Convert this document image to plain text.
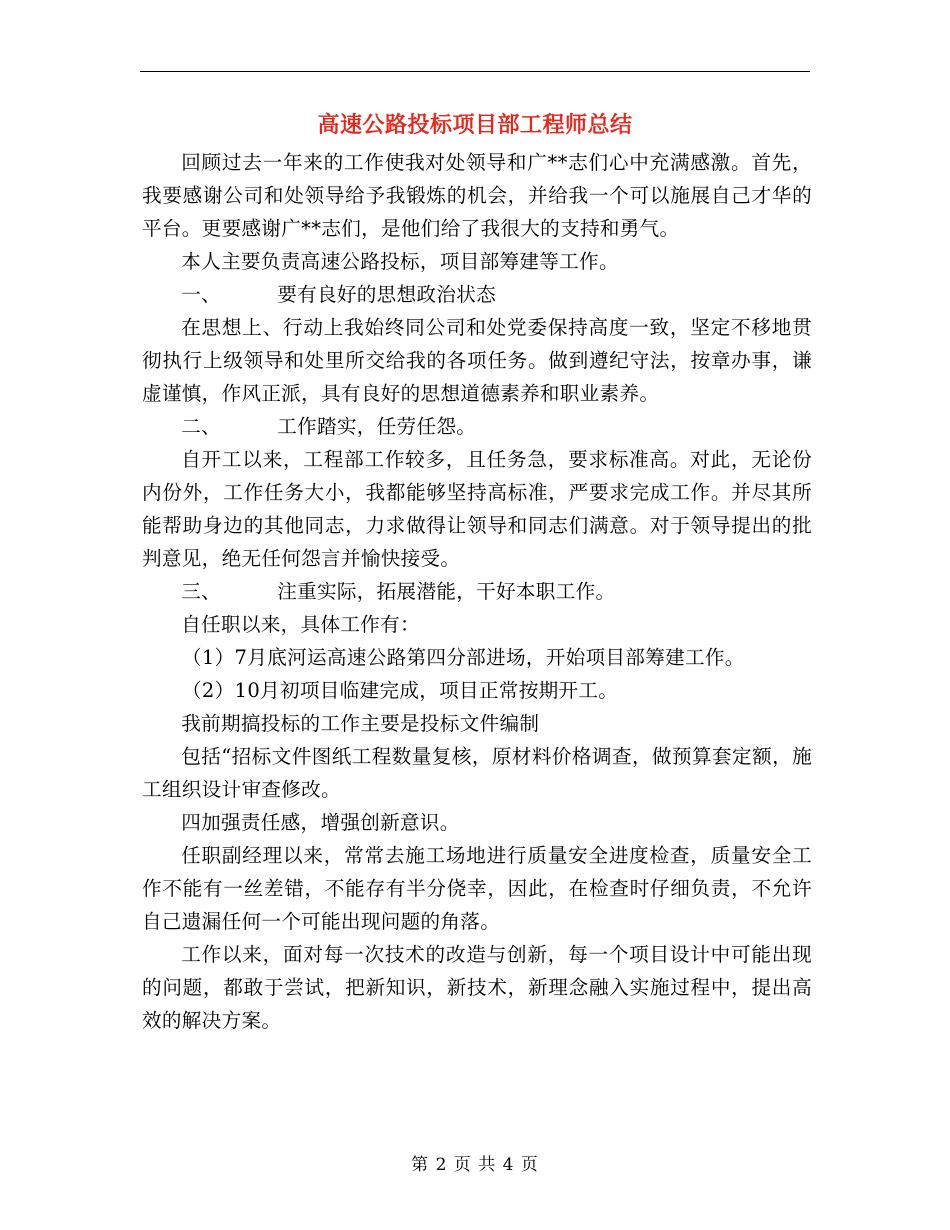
高速公路投标项目部工程师总结

回顾过去一年来的工作使我对处领导和广**志们心中充满感激。首先，我要感谢公司和处领导给予我锻炼的机会，并给我一个可以施展自己才华的平台。更要感谢广**志们，是他们给了我很大的支持和勇气。

本人主要负责高速公路投标，项目部筹建等工作。

一、	要有良好的思想政治状态

在思想上、行动上我始终同公司和处党委保持高度一致，坚定不移地贯彻执行上级领导和处里所交给我的各项任务。做到遵纪守法，按章办事，谦虚谨慎，作风正派，具有良好的思想道德素养和职业素养。

二、	工作踏实，任劳任怨。

自开工以来，工程部工作较多，且任务急，要求标准高。对此，无论份内份外，工作任务大小，我都能够坚持高标准，严要求完成工作。并尽其所能帮助身边的其他同志，力求做得让领导和同志们满意。对于领导提出的批判意见，绝无任何怨言并愉快接受。

三、	注重实际，拓展潜能，干好本职工作。

自任职以来，具体工作有：

（1）7月底河运高速公路第四分部进场，开始项目部筹建工作。

（2）10月初项目临建完成，项目正常按期开工。

我前期搞投标的工作主要是投标文件编制

包括“招标文件图纸工程数量复核，原材料价格调查，做预算套定额，施工组织设计审查修改。

四加强责任感，增强创新意识。

任职副经理以来，常常去施工场地进行质量安全进度检查，质量安全工作不能有一丝差错，不能存有半分侥幸，因此，在检查时仔细负责，不允许自己遗漏任何一个可能出现问题的角落。

工作以来，面对每一次技术的改造与创新，每一个项目设计中可能出现的问题，都敢于尝试，把新知识，新技术，新理念融入实施过程中，提出高效的解决方案。

第 2 页 共 4 页
